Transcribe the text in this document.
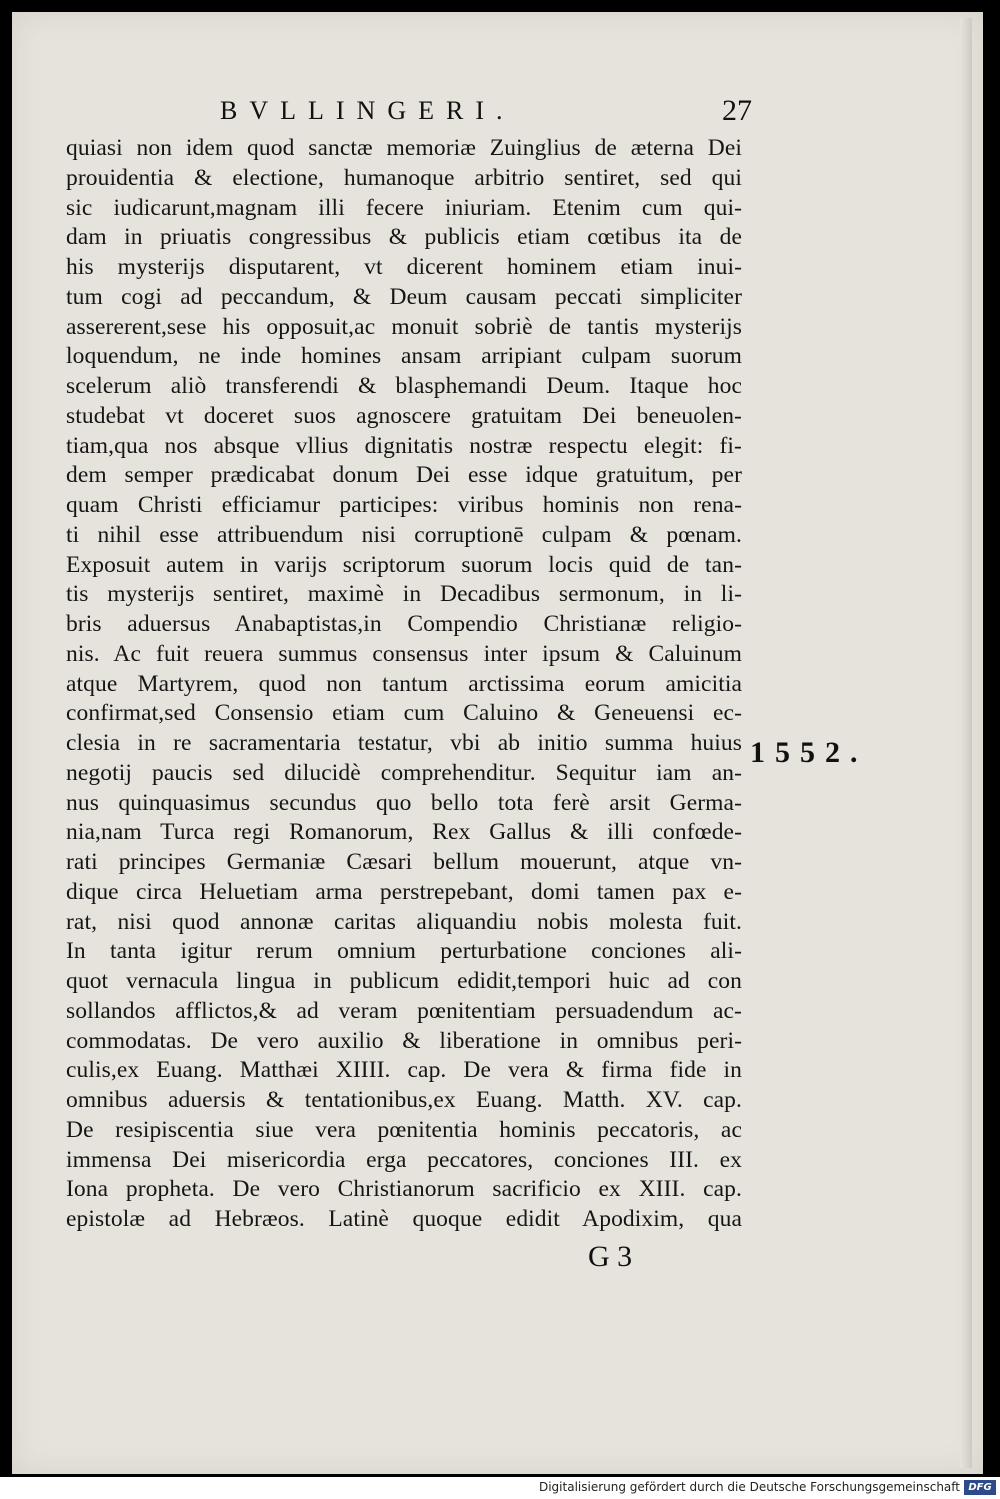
BVLLINGERI.	27
quiasi non idem quod sanctæ memoriæ Zuinglius de æterna Dei
prouidentia & electione, humanoque arbitrio sentiret, sed qui
sic iudicarunt,magnam illi fecere iniuriam. Etenim cum qui-
dam in priuatis congressibus & publicis etiam cœtibus ita de
his mysterijs disputarent, vt dicerent hominem etiam inui-
tum cogi ad peccandum, & Deum causam peccati simpliciter
assererent,sese his opposuit,ac monuit sobriè de tantis mysterijs
loquendum, ne inde homines ansam arripiant culpam suorum
scelerum aliò transferendi & blasphemandi Deum. Itaque hoc
studebat vt doceret suos agnoscere gratuitam Dei beneuolen-
tiam,qua nos absque vllius dignitatis nostræ respectu elegit: fi-
dem semper prædicabat donum Dei esse idque gratuitum, per
quam Christi efficiamur participes: viribus hominis non rena-
ti nihil esse attribuendum nisi corruptionē culpam & pœnam.
Exposuit autem in varijs scriptorum suorum locis quid de tan-
tis mysterijs sentiret, maximè in Decadibus sermonum, in li-
bris aduersus Anabaptistas,in Compendio Christianæ religio-
nis. Ac fuit reuera summus consensus inter ipsum & Caluinum
atque Martyrem, quod non tantum arctissima eorum amicitia
confirmat,sed Consensio etiam cum Caluino & Geneuensi ec-
clesia in re sacramentaria testatur, vbi ab initio summa huius
negotij paucis sed dilucidè comprehenditur. Sequitur iam an-
nus quinquasimus secundus quo bello tota ferè arsit Germa-
nia,nam Turca regi Romanorum, Rex Gallus & illi confœde-
rati principes Germaniæ Cæsari bellum mouerunt, atque vn-
dique circa Heluetiam arma perstrepebant, domi tamen pax e-
rat, nisi quod annonæ caritas aliquandiu nobis molesta fuit.
In tanta igitur rerum omnium perturbatione conciones ali-
quot vernacula lingua in publicum edidit,tempori huic ad con
sollandos afflictos,& ad veram pœnitentiam persuadendum ac-
commodatas. De vero auxilio & liberatione in omnibus peri-
culis,ex Euang. Matthæi XIIII. cap. De vera & firma fide in
omnibus aduersis & tentationibus,ex Euang. Matth. XV. cap.
De resipiscentia siue vera pœnitentia hominis peccatoris, ac
immensa Dei misericordia erga peccatores, conciones III. ex
Iona propheta. De vero Christianorum sacrificio ex XIII. cap.
epistolæ ad Hebræos. Latinè quoque edidit Apodixim, qua
1552.
G 3
Digitalisierung gefördert durch die Deutsche Forschungsgemeinschaft DFG
